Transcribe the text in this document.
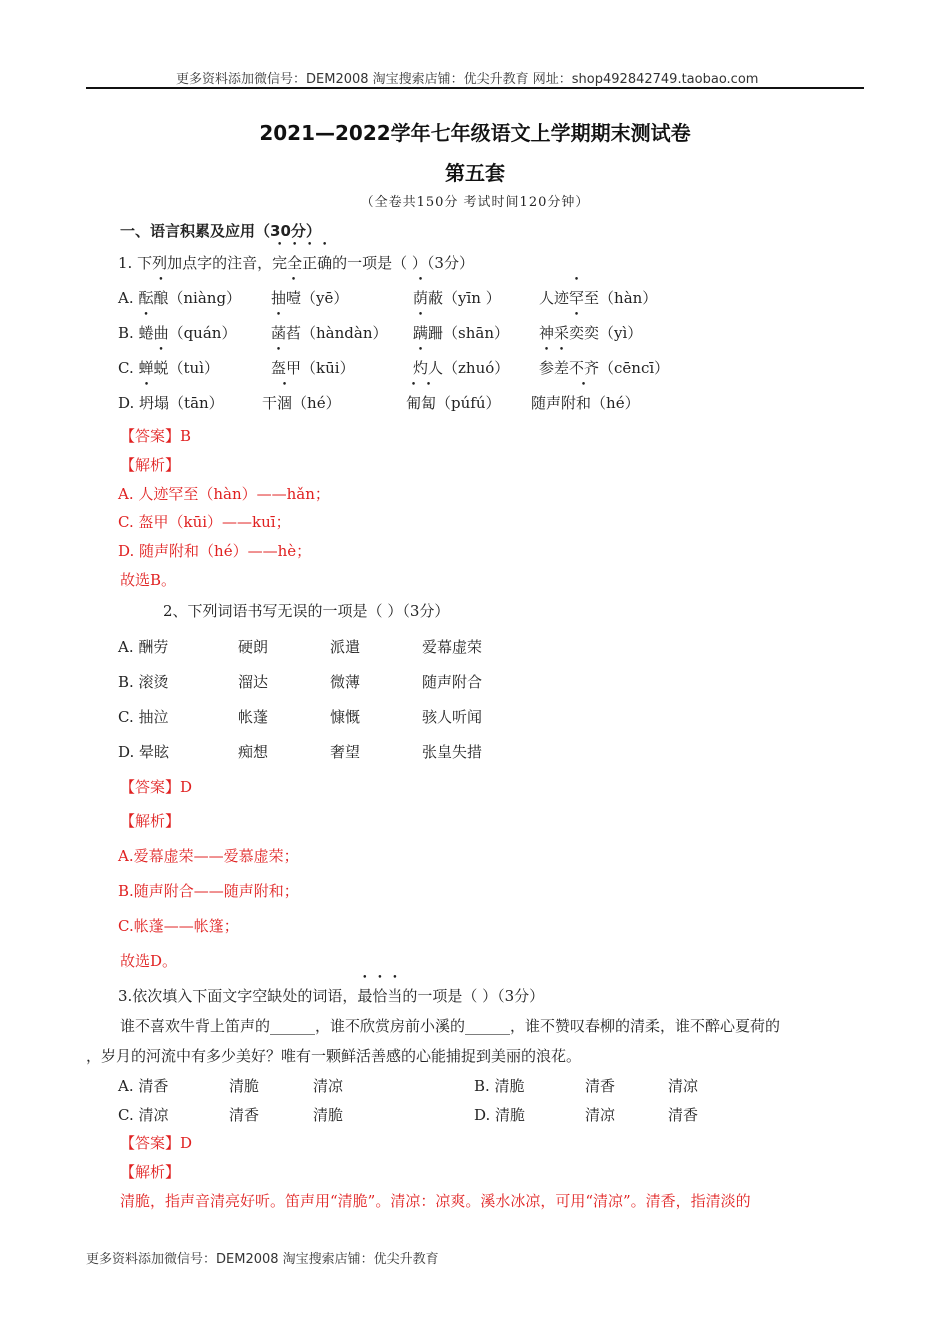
更多资料添加微信号：DEM2008 淘宝搜索店铺：优尖升教育 网址：shop492842749.taobao.com
2021—2022学年七年级语文上学期期末测试卷
第五套
（全卷共150分 考试时间120分钟）
一、语言积累及应用（30分）
1. 下列加点字的注音，完全正确的一项是（ ）（3分）
A. 酝酿（niàng） 抽噎（yē）	荫蔽（yīn ）	人迹罕至（hàn）
B. 蜷曲（quán） 菡萏（hàndàn） 蹒跚（shān） 神采奕奕（yì）
C. 蝉蜕（tuì）	盔甲（kūi）	灼人（zhuó） 参差不齐（cēncī）
D. 坍塌（tān）	干涸（hé）	匍匐（púfú） 随声附和（hé）
【答案】B
【解析】
A. 人迹罕至（hàn）——hǎn；
C. 盔甲（kūi）——kuī；
D. 随声附和（hé）——hè；
故选B。
2、下列词语书写无误的一项是（ ）（3分）
A. 酬劳	硬朗	派遣	爱幕虚荣
B. 滚烫	溜达	微薄	随声附合
C. 抽泣	帐蓬	慷慨	骇人听闻
D. 晕眩	痴想	奢望	张皇失措
【答案】D
【解析】
A.爱幕虚荣——爱慕虚荣；
B.随声附合——随声附和；
C.帐蓬——帐篷；
故选D。
3.依次填入下面文字空缺处的词语，最恰当的一项是（ ）（3分）
谁不喜欢牛背上笛声的______，谁不欣赏房前小溪的______，谁不赞叹春柳的清柔，谁不醉心夏荷的
，岁月的河流中有多少美好？唯有一颗鲜活善感的心能捕捉到美丽的浪花。
A. 清香	清脆	清凉	B. 清脆	清香	清凉
C. 清凉	清香	清脆	D. 清脆	清凉	清香
【答案】D
【解析】
清脆，指声音清亮好听。笛声用“清脆”。清凉：凉爽。溪水冰凉，可用“清凉”。清香，指清淡的
更多资料添加微信号：DEM2008 淘宝搜索店铺：优尖升教育
